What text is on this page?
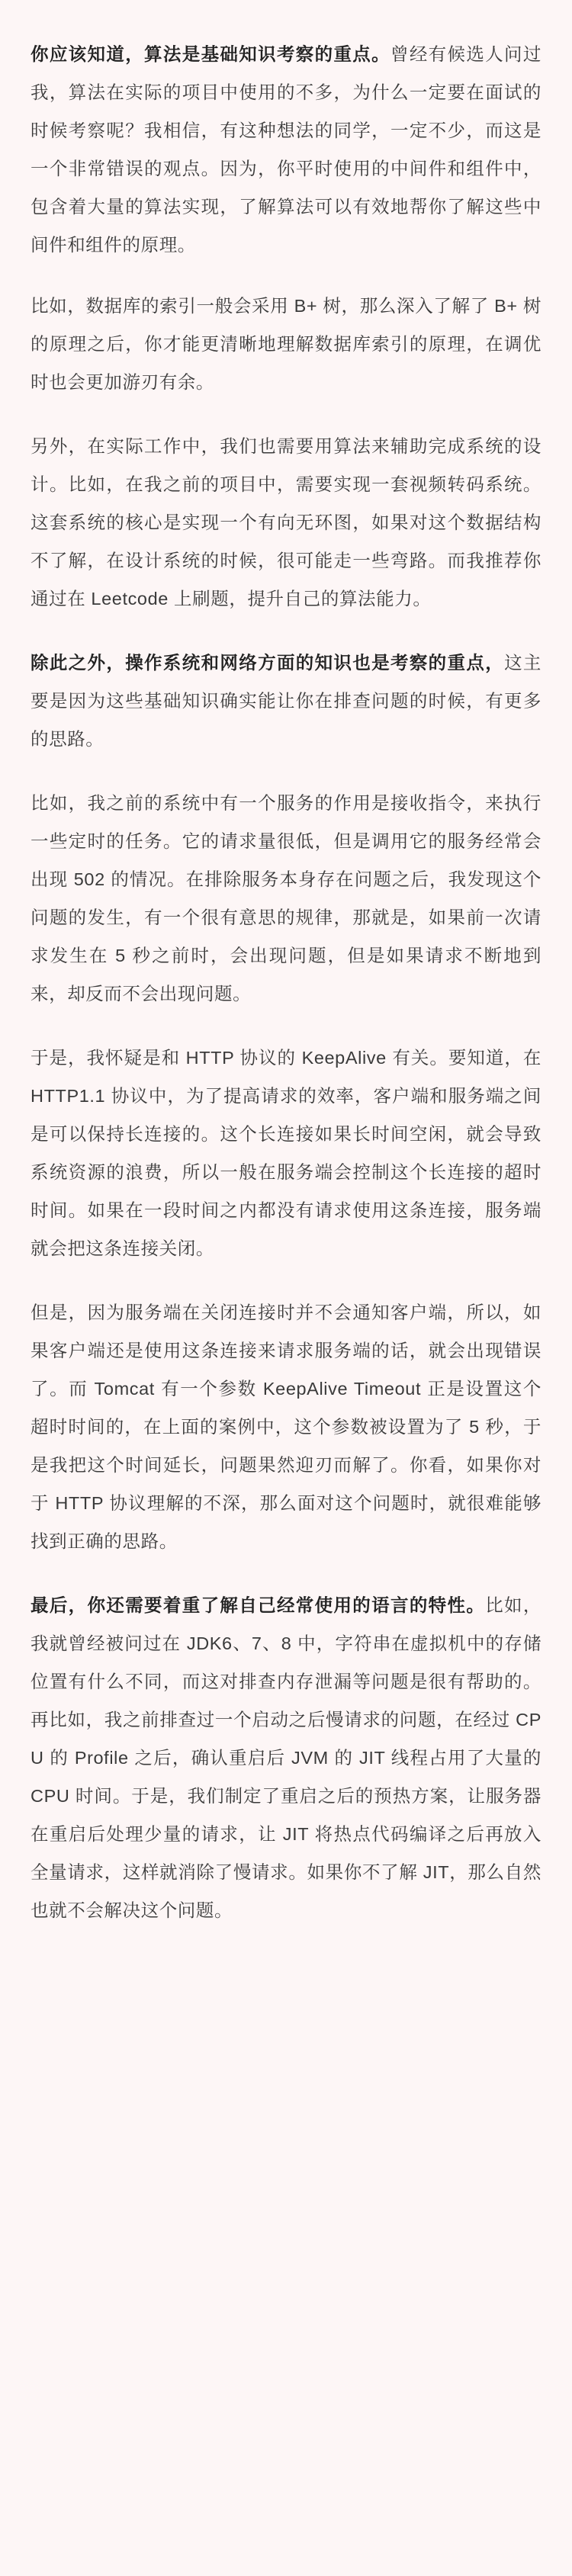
你应该知道，算法是基础知识考察的重点。曾经有候选人问过我，算法在实际的项目中使用的不多，为什么一定要在面试的时候考察呢？我相信，有这种想法的同学，一定不少，而这是一个非常错误的观点。因为，你平时使用的中间件和组件中，包含着大量的算法实现，了解算法可以有效地帮你了解这些中间件和组件的原理。

比如，数据库的索引一般会采用 B+ 树，那么深入了解了 B+ 树的原理之后，你才能更清晰地理解数据库索引的原理，在调优时也会更加游刃有余。

另外，在实际工作中，我们也需要用算法来辅助完成系统的设计。比如，在我之前的项目中，需要实现一套视频转码系统。这套系统的核心是实现一个有向无环图，如果对这个数据结构不了解，在设计系统的时候，很可能走一些弯路。而我推荐你通过在 Leetcode 上刷题，提升自己的算法能力。

除此之外，操作系统和网络方面的知识也是考察的重点，这主要是因为这些基础知识确实能让你在排查问题的时候，有更多的思路。

比如，我之前的系统中有一个服务的作用是接收指令，来执行一些定时的任务。它的请求量很低，但是调用它的服务经常会出现 502 的情况。在排除服务本身存在问题之后，我发现这个问题的发生，有一个很有意思的规律，那就是，如果前一次请求发生在 5 秒之前时，会出现问题，但是如果请求不断地到来，却反而不会出现问题。

于是，我怀疑是和 HTTP 协议的 KeepAlive 有关。要知道，在 HTTP1.1 协议中，为了提高请求的效率，客户端和服务端之间是可以保持长连接的。这个长连接如果长时间空闲，就会导致系统资源的浪费，所以一般在服务端会控制这个长连接的超时时间。如果在一段时间之内都没有请求使用这条连接，服务端就会把这条连接关闭。

但是，因为服务端在关闭连接时并不会通知客户端，所以，如果客户端还是使用这条连接来请求服务端的话，就会出现错误了。而 Tomcat 有一个参数 KeepAlive Timeout 正是设置这个超时时间的，在上面的案例中，这个参数被设置为了 5 秒，于是我把这个时间延长，问题果然迎刃而解了。你看，如果你对于 HTTP 协议理解的不深，那么面对这个问题时，就很难能够找到正确的思路。

最后，你还需要着重了解自己经常使用的语言的特性。比如，我就曾经被问过在 JDK6、7、8 中，字符串在虚拟机中的存储位置有什么不同，而这对排查内存泄漏等问题是很有帮助的。再比如，我之前排查过一个启动之后慢请求的问题，在经过 CPU 的 Profile 之后，确认重启后 JVM 的 JIT 线程占用了大量的 CPU 时间。于是，我们制定了重启之后的预热方案，让服务器在重启后处理少量的请求，让 JIT 将热点代码编译之后再放入全量请求，这样就消除了慢请求。如果你不了解 JIT，那么自然也就不会解决这个问题。
